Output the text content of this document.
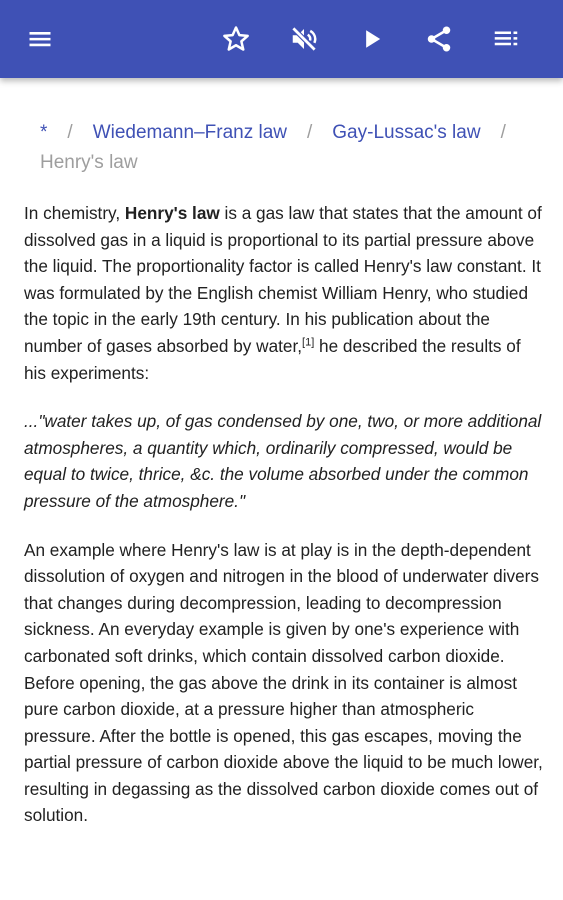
* / Wiedemann–Franz law / Gay-Lussac's law /
Henry's law

In chemistry, Henry's law is a gas law that states that the amount of dissolved gas in a liquid is proportional to its partial pressure above the liquid. The proportionality factor is called Henry's law constant. It was formulated by the English chemist William Henry, who studied the topic in the early 19th century. In his publication about the number of gases absorbed by water,[1] he described the results of his experiments:

..."water takes up, of gas condensed by one, two, or more additional atmospheres, a quantity which, ordinarily compressed, would be equal to twice, thrice, &c. the volume absorbed under the common pressure of the atmosphere."

An example where Henry's law is at play is in the depth-dependent dissolution of oxygen and nitrogen in the blood of underwater divers that changes during decompression, leading to decompression sickness. An everyday example is given by one's experience with carbonated soft drinks, which contain dissolved carbon dioxide. Before opening, the gas above the drink in its container is almost pure carbon dioxide, at a pressure higher than atmospheric pressure. After the bottle is opened, this gas escapes, moving the partial pressure of carbon dioxide above the liquid to be much lower, resulting in degassing as the dissolved carbon dioxide comes out of solution.
